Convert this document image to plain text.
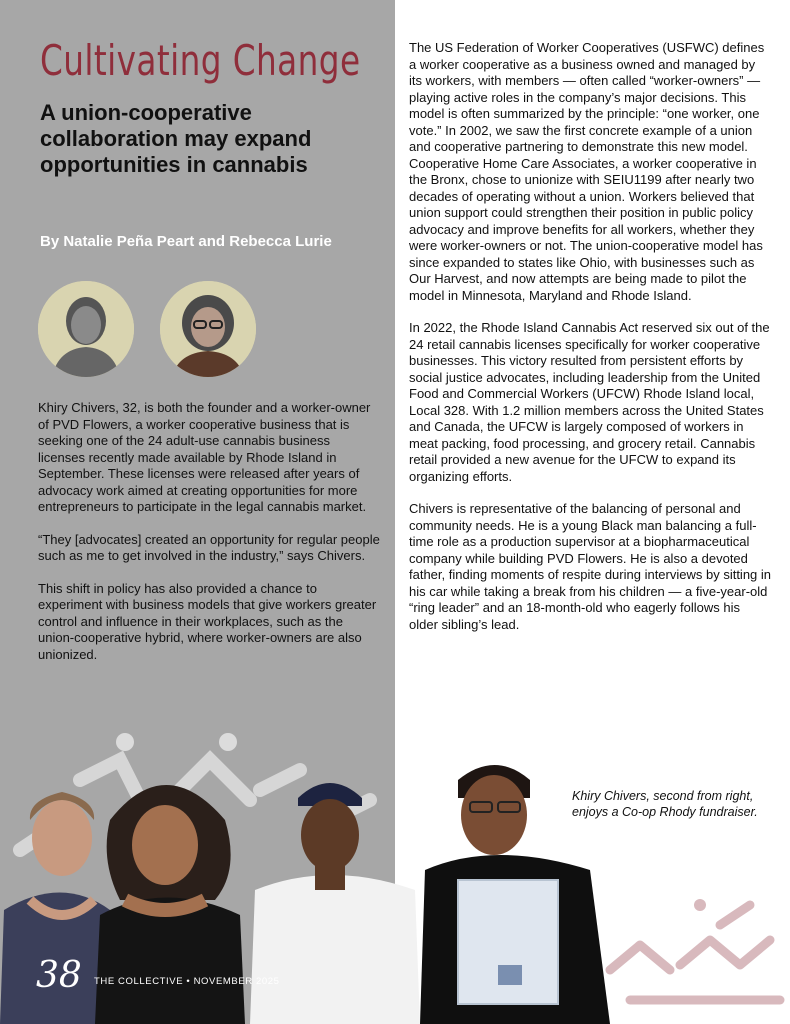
Cultivating Change
A union-cooperative collaboration may expand opportunities in cannabis
By Natalie Peña Peart and Rebecca Lurie

Khiry Chivers, 32, is both the founder and a worker-owner of PVD Flowers, a worker cooperative business that is seeking one of the 24 adult-use cannabis business licenses recently made available by Rhode Island in September. These licenses were released after years of advocacy work aimed at creating opportunities for more entrepreneurs to participate in the legal cannabis market.

“They [advocates] created an opportunity for regular people such as me to get involved in the industry,” says Chivers.

This shift in policy has also provided a chance to experiment with business models that give workers greater control and influence in their workplaces, such as the union-cooperative hybrid, where worker-owners are also unionized.

The US Federation of Worker Cooperatives (USFWC) defines a worker cooperative as a business owned and managed by its workers, with members — often called “worker-owners” — playing active roles in the company’s major decisions. This model is often summarized by the principle: “one worker, one vote.” In 2002, we saw the first concrete example of a union and cooperative partnering to demonstrate this new model. Cooperative Home Care Associates, a worker cooperative in the Bronx, chose to unionize with SEIU1199 after nearly two decades of operating without a union. Workers believed that union support could strengthen their position in public policy advocacy and improve benefits for all workers, whether they were worker-owners or not. The union-cooperative model has since expanded to states like Ohio, with businesses such as Our Harvest, and now attempts are being made to pilot the model in Minnesota, Maryland and Rhode Island.

In 2022, the Rhode Island Cannabis Act reserved six out of the 24 retail cannabis licenses specifically for worker cooperative businesses. This victory resulted from persistent efforts by social justice advocates, including leadership from the United Food and Commercial Workers (UFCW) Rhode Island local, Local 328. With 1.2 million members across the United States and Canada, the UFCW is largely composed of workers in meat packing, food processing, and grocery retail. Cannabis retail provided a new avenue for the UFCW to expand its organizing efforts.

Chivers is representative of the balancing of personal and community needs. He is a young Black man balancing a full-time role as a production supervisor at a biopharmaceutical company while building PVD Flowers. He is also a devoted father, finding moments of respite during interviews by sitting in his car while taking a break from his children — a five-year-old “ring leader” and an 18-month-old who eagerly follows his older sibling’s lead.

Khiry Chivers, second from right, enjoys a Co-op Rhody fundraiser.
38 THE COLLECTIVE • NOVEMBER 2025
